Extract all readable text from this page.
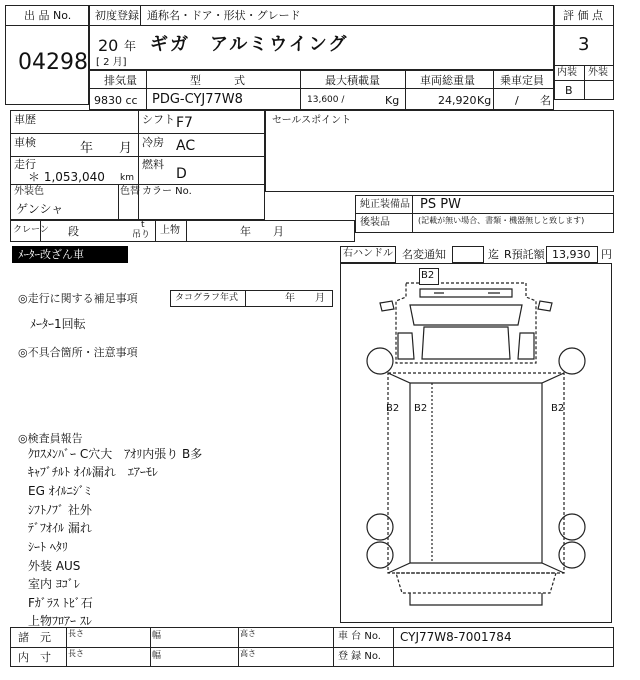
出 品 No.
04298
初度登録 通称名・ドア・形状・グレード
20 年
[ 2 月]
ギガ　アルミウイング
評 価 点
3
内装 外装
B
排気量	型　　　式	最大積載量	車両総重量 乗車定員
9830 cc PDG-CYJ77W8	13,600 /	Kg	24,920 Kg / 名
車歴	シフト F7
車検	年　　月 冷房 AC
走行
＊ 1,053,040 km
燃料
D
外装色	色替 カラー No.
ゲンシャ
セールスポイント
純正装備品 PS PW
後装品	(記載が無い場合、書類・機器無しと致します)
クレーン 段	t
吊り 上物	年　　月
ﾒｰﾀｰ改ざん車	右ハンドル 名変通知	迄 R預託額 13,930 円
◎走行に関する補足事項	タコグラフ年式	年　　月
ﾒｰﾀｰ1回転
◎不具合箇所・注意事項
◎検査員報告
ｸﾛｽﾒﾝﾊﾞｰ C穴大　ｱｵﾘ内張り B多
ｷｬﾌﾞﾁﾙﾄ ｵｲﾙ漏れ　ｴｱｰﾓﾚ
EG ｵｲﾙﾆｼﾞﾐ
ｼﾌﾄﾉﾌﾞ 社外
ﾃﾞﾌｵｲﾙ 漏れ
ｼｰﾄ ﾍﾀﾘ
外装 AUS
室内 ﾖｺﾞﾚ
Fｶﾞﾗｽ ﾄﾋﾞ石
上物ﾌﾛｱｰ ｽﾚ
B2
B2 B2	B2
諸　元
内　寸
長さ	幅	高さ
長さ	幅	高さ
車 台 No. CYJ77W8-7001784
登 録 No.
